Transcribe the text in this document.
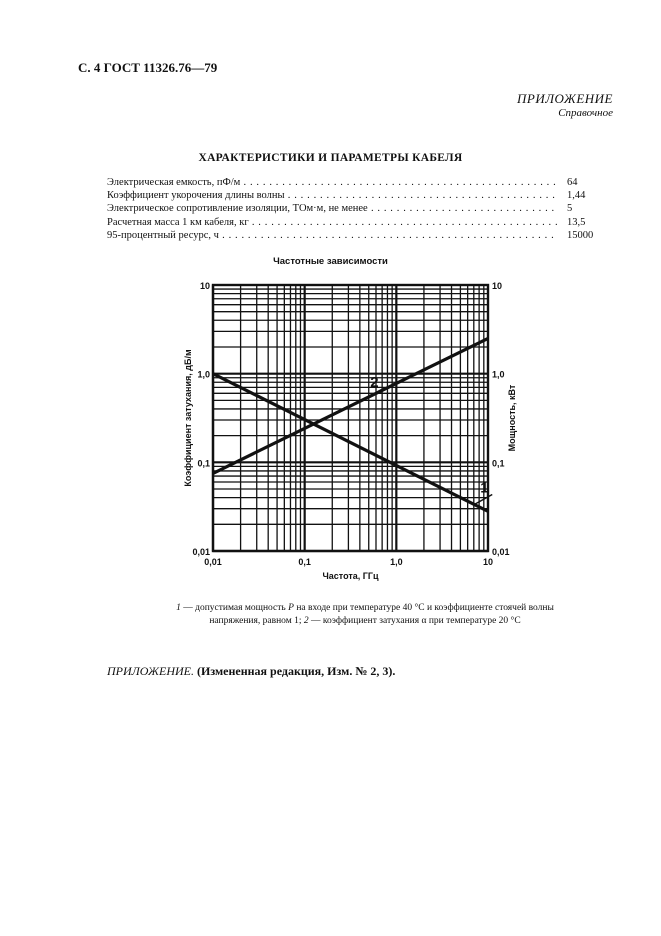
С. 4 ГОСТ 11326.76—79
ПРИЛОЖЕНИЕ
Справочное
ХАРАКТЕРИСТИКИ И ПАРАМЕТРЫ КАБЕЛЯ
Электрическая емкость, пФ/м . . .	64
Коэффициент укорочения длины волны . . .	1,44
Электрическое сопротивление изоляции, ТОм·м, не менее . . .	5
Расчетная масса 1 км кабеля, кг . . .	13,5
95-процентный ресурс, ч . . .	15000
Частотные зависимости
1
2
0,01	0,1	1,0	10
0,01
0,1
1,0
10
0,01
0,1
1,0
10
Частота, ГГц
Коэффициент затухания, дБ/м	Мощность, кВт
1 — допустимая мощность P на входе при температуре 40 °С и коэффициенте стоячей волны напряжения, равном 1; 2 — коэффициент затухания α при температуре 20 °С
ПРИЛОЖЕНИЕ. (Измененная редакция, Изм. № 2, 3).
